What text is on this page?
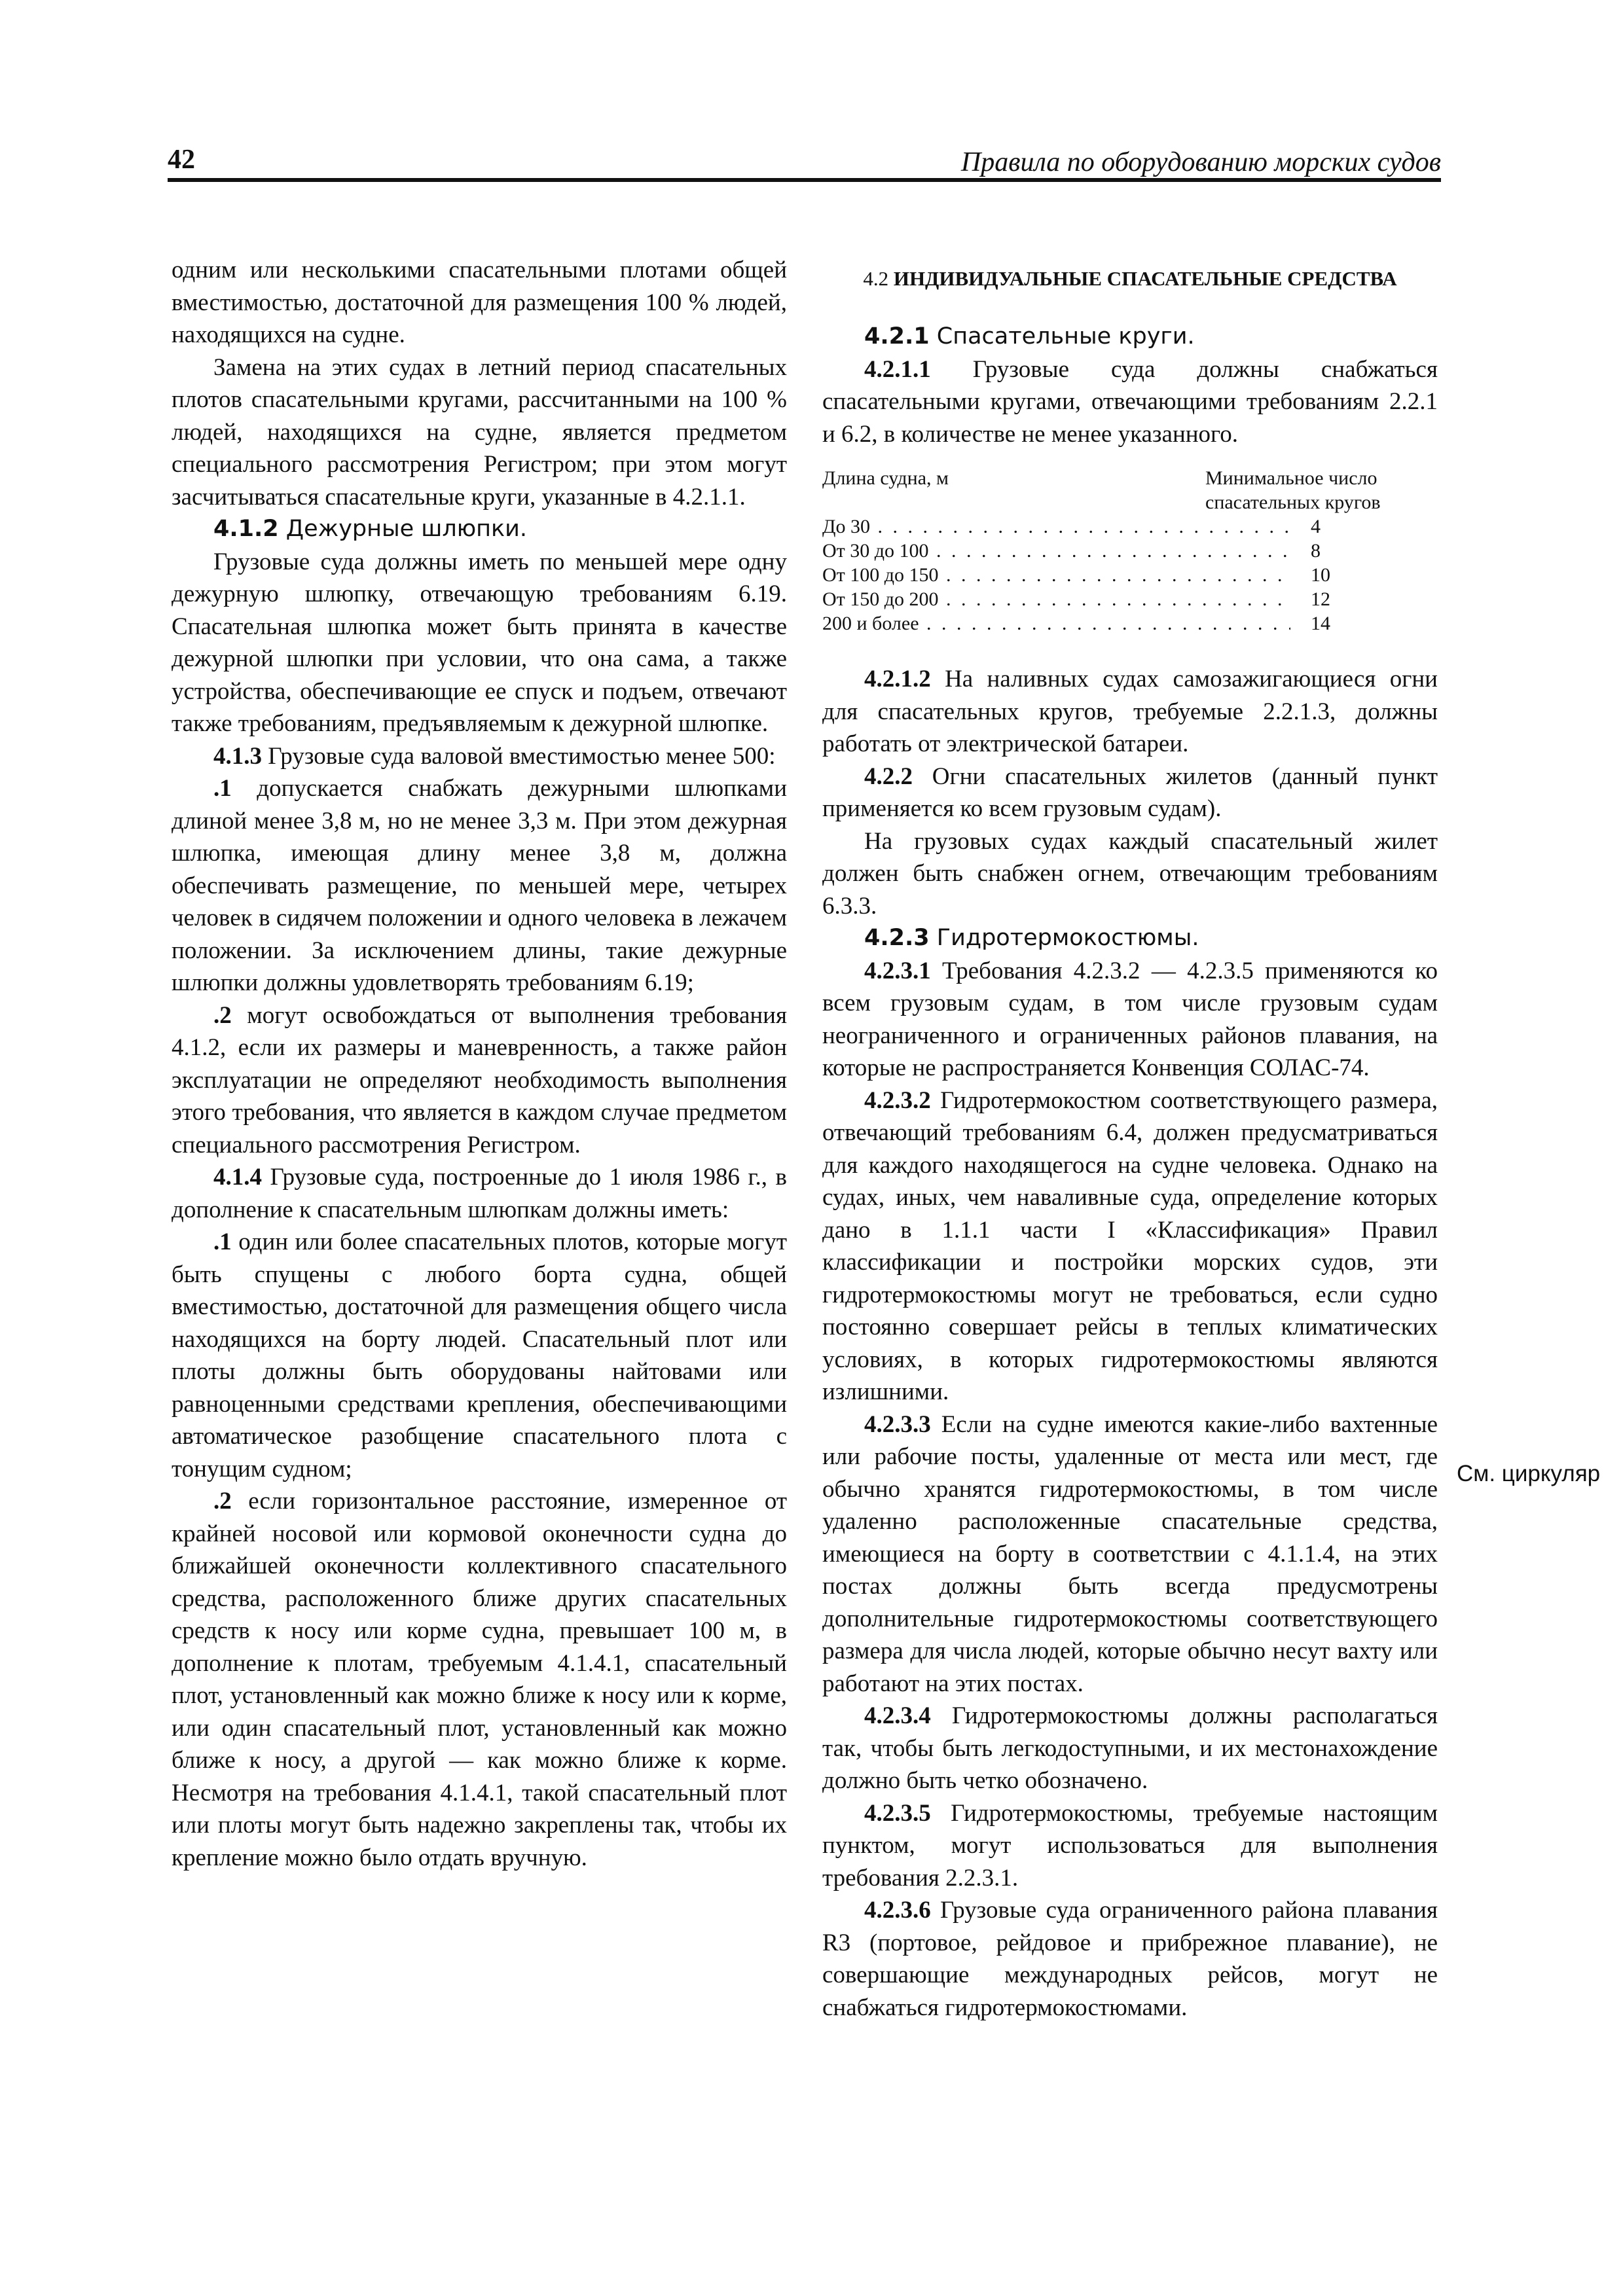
42	Правила по оборудованию морских судов

одним или несколькими спасательными плотами общей вместимостью, достаточной для размещения 100 % людей, находящихся на судне.

Замена на этих судах в летний период спасательных плотов спасательными кругами, рассчитанными на 100 % людей, находящихся на судне, является предметом специального рассмотрения Регистром; при этом могут засчитываться спасательные круги, указанные в 4.2.1.1.

4.1.2 Дежурные шлюпки.

Грузовые суда должны иметь по меньшей мере одну дежурную шлюпку, отвечающую требованиям 6.19. Спасательная шлюпка может быть принята в качестве дежурной шлюпки при условии, что она сама, а также устройства, обеспечивающие ее спуск и подъем, отвечают также требованиям, предъявляемым к дежурной шлюпке.

4.1.3 Грузовые суда валовой вместимостью менее 500:

.1 допускается снабжать дежурными шлюпками длиной менее 3,8 м, но не менее 3,3 м. При этом дежурная шлюпка, имеющая длину менее 3,8 м, должна обеспечивать размещение, по меньшей мере, четырех человек в сидячем положении и одного человека в лежачем положении. За исключением длины, такие дежурные шлюпки должны удовлетворять требованиям 6.19;

.2 могут освобождаться от выполнения требования 4.1.2, если их размеры и маневренность, а также район эксплуатации не определяют необходимость выполнения этого требования, что является в каждом случае предметом специального рассмотрения Регистром.

4.1.4 Грузовые суда, построенные до 1 июля 1986 г., в дополнение к спасательным шлюпкам должны иметь:

.1 один или более спасательных плотов, которые могут быть спущены с любого борта судна, общей вместимостью, достаточной для размещения общего числа находящихся на борту людей. Спасательный плот или плоты должны быть оборудованы найтовами или равноценными средствами крепления, обеспечивающими автоматическое разобщение спасательного плота с тонущим судном;

.2 если горизонтальное расстояние, измеренное от крайней носовой или кормовой оконечности судна до ближайшей оконечности коллективного спасательного средства, расположенного ближе других спасательных средств к носу или корме судна, превышает 100 м, в дополнение к плотам, требуемым 4.1.4.1, спасательный плот, установленный как можно ближе к носу или к корме, или один спасательный плот, установленный как можно ближе к носу, а другой — как можно ближе к корме. Несмотря на требования 4.1.4.1, такой спасательный плот или плоты могут быть надежно закреплены так, чтобы их крепление можно было отдать вручную.

4.2 ИНДИВИДУАЛЬНЫЕ СПАСАТЕЛЬНЫЕ СРЕДСТВА

4.2.1 Спасательные круги.

4.2.1.1 Грузовые суда должны снабжаться спасательными кругами, отвечающими требованиям 2.2.1 и 6.2, в количестве не менее указанного.

Длина судна, м	Минимальное число
спасательных кругов
До 30 . . .	4
От 30 до 100 . . .	8
От 100 до 150 . . .	10
От 150 до 200 . . .	12
200 и более . . .	14

4.2.1.2 На наливных судах самозажигающиеся огни для спасательных кругов, требуемые 2.2.1.3, должны работать от электрической батареи.

4.2.2 Огни спасательных жилетов (данный пункт применяется ко всем грузовым судам).

На грузовых судах каждый спасательный жилет должен быть снабжен огнем, отвечающим требованиям 6.3.3.

4.2.3 Гидротермокостюмы.

4.2.3.1 Требования 4.2.3.2 — 4.2.3.5 применяются ко всем грузовым судам, в том числе грузовым судам неограниченного и ограниченных районов плавания, на которые не распространяется Конвенция СОЛАС-74.

4.2.3.2 Гидротермокостюм соответствующего размера, отвечающий требованиям 6.4, должен предусматриваться для каждого находящегося на судне человека. Однако на судах, иных, чем наваливные суда, определение которых дано в 1.1.1 части I «Классификация» Правил классификации и постройки морских судов, эти гидротермокостюмы могут не требоваться, если судно постоянно совершает рейсы в теплых климатических условиях, в которых гидротермокостюмы являются излишними.

4.2.3.3 Если на судне имеются какие-либо вахтенные или рабочие посты, удаленные от места или мест, где обычно хранятся гидротермокостюмы, в том числе удаленно расположенные спасательные средства, имеющиеся на борту в соответствии с 4.1.1.4, на этих постах должны быть всегда предусмотрены дополнительные гидротермокостюмы соответствующего размера для числа людей, которые обычно несут вахту или работают на этих постах.

4.2.3.4 Гидротермокостюмы должны располагаться так, чтобы быть легкодоступными, и их местонахождение должно быть четко обозначено.

4.2.3.5 Гидротермокостюмы, требуемые настоящим пунктом, могут использоваться для выполнения требования 2.2.3.1.

4.2.3.6 Грузовые суда ограниченного района плавания R3 (портовое, рейдовое и прибрежное плавание), не совершающие международных рейсов, могут не снабжаться гидротермокостюмами.

См. циркуляр
